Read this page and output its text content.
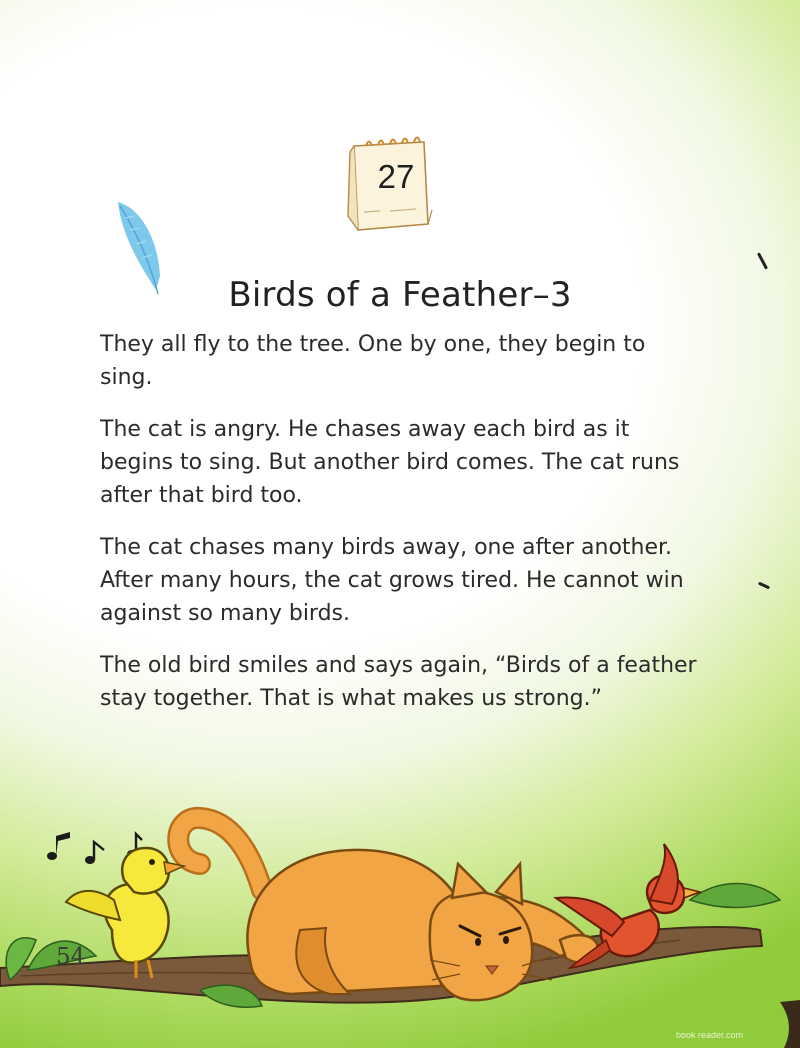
27
Birds of a Feather–3

They all fly to the tree. One by one, they begin to sing.

The cat is angry. He chases away each bird as it begins to sing. But another bird comes. The cat runs after that bird too.

The cat chases many birds away, one after another. After many hours, the cat grows tired. He cannot win against so many birds.

The old bird smiles and says again, “Birds of a feather stay together. That is what makes us strong.”

54
book reader.com
